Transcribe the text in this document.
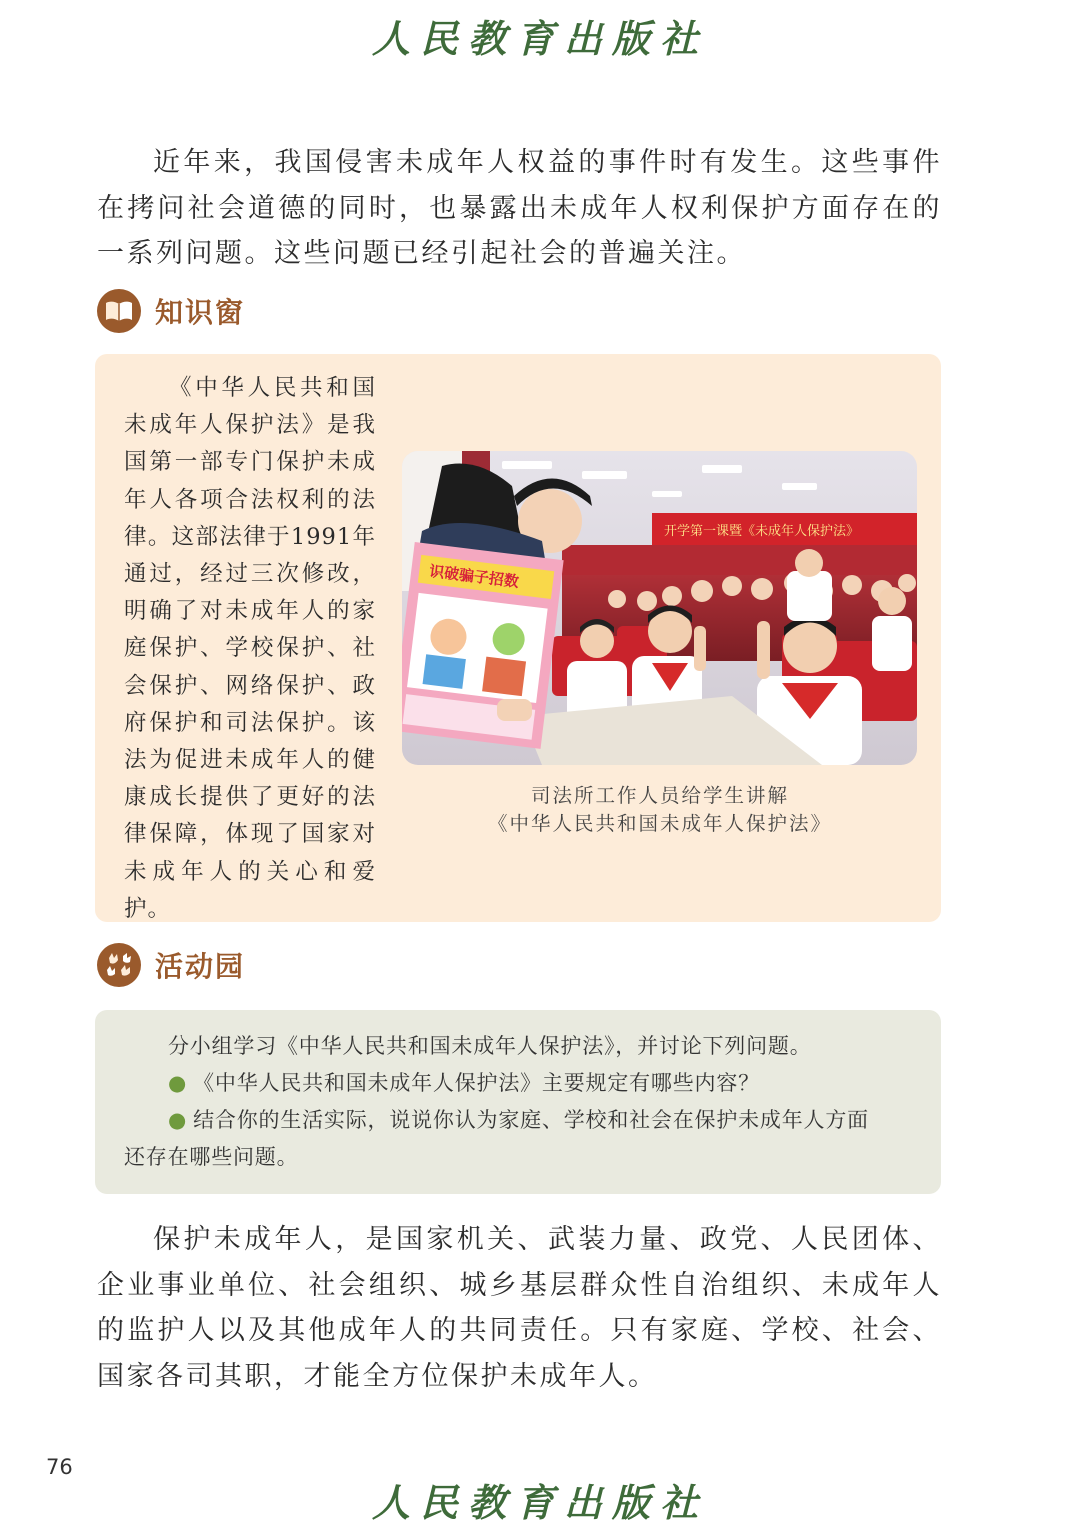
人民教育出版社

近年来，我国侵害未成年人权益的事件时有发生。这些事件在拷问社会道德的同时，也暴露出未成年人权利保护方面存在的一系列问题。这些问题已经引起社会的普遍关注。

知识窗

《中华人民共和国未成年人保护法》是我国第一部专门保护未成年人各项合法权利的法律。这部法律于1991年通过，经过三次修改，明确了对未成年人的家庭保护、学校保护、社会保护、网络保护、政府保护和司法保护。该法为促进未成年人的健康成长提供了更好的法律保障，体现了国家对未成年人的关心和爱护。

开学第一课暨《未成年人保护法》
识破骗子招数
司法所工作人员给学生讲解
《中华人民共和国未成年人保护法》
活动园
分小组学习《中华人民共和国未成年人保护法》，并讨论下列问题。
● 《中华人民共和国未成年人保护法》主要规定有哪些内容？
● 结合你的生活实际，说说你认为家庭、学校和社会在保护未成年人方面
还存在哪些问题。

保护未成年人，是国家机关、武装力量、政党、人民团体、企业事业单位、社会组织、城乡基层群众性自治组织、未成年人的监护人以及其他成年人的共同责任。只有家庭、学校、社会、国家各司其职，才能全方位保护未成年人。

76
人民教育出版社
